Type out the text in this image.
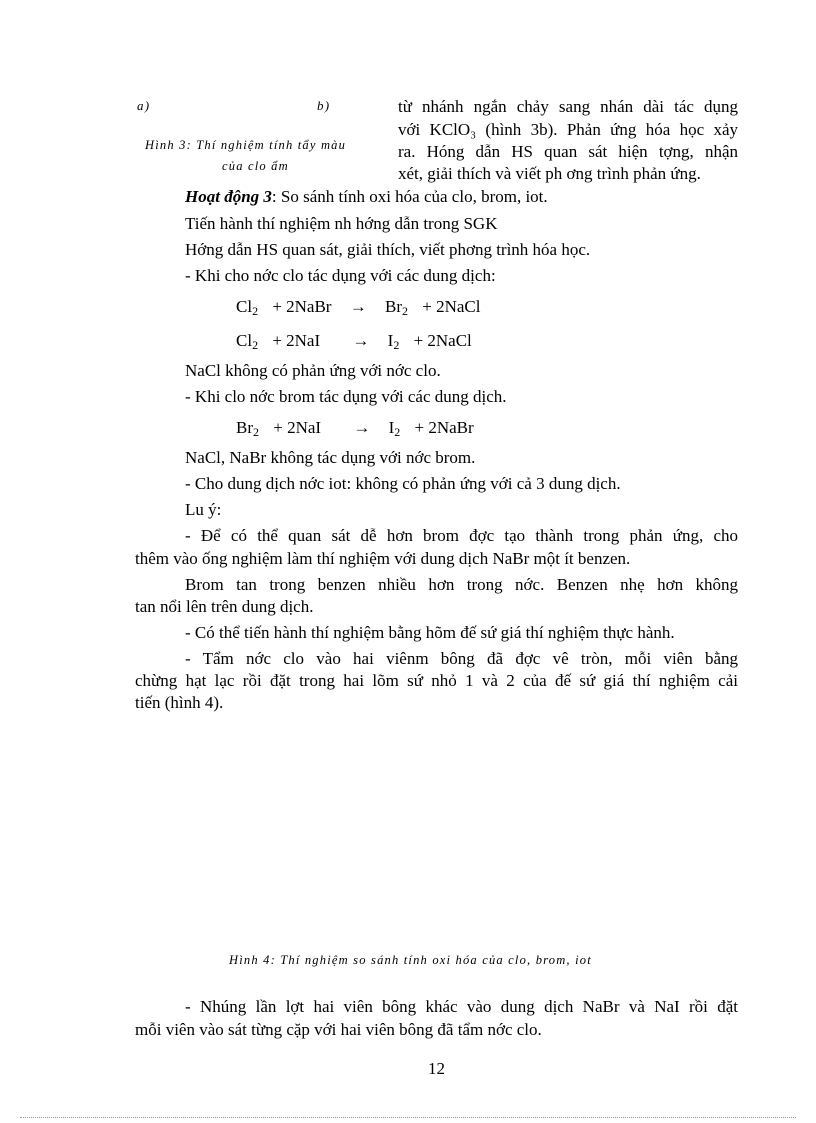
a)	b)
Hình 3: Thí nghiệm tính tẩy màu
của clo ẩm
từ nhánh ngắn chảy sang nhán dài tác dụng
với KClO₃ (hình 3b). Phản ứng hóa học xảy
ra. Hóng dẫn HS quan sát hiện tợng, nhận
xét, giải thích và viết ph ơng trình phản ứng.
Hoạt động 3: So sánh tính oxi hóa của clo, brom, iot.
Tiến hành thí nghiệm nh hớng dẫn trong SGK
Hớng dẫn HS quan sát, giải thích, viết phơng trình hóa học.
- Khi cho nớc clo tác dụng với các dung dịch:
$Cl_2$ + 2NaBr → $Br_2$ + 2NaCl
$Cl_2 + 2NaI \to I_2$ + 2NaCl
NaCl không có phản ứng với nớc clo.
- Khi clo nớc brom tác dụng với các dung dịch.
$Br_2 + 2NaI \to I_2$ + 2NaBr
NaCl, NaBr không tác dụng với nớc brom.
- Cho dung dịch nớc iot: không có phản ứng với cả 3 dung dịch.
Lu ý:
- Để có thể quan sát dễ hơn brom đợc tạo thành trong phản ứng, cho
thêm vào ống nghiệm làm thí nghiệm với dung dịch NaBr một ít benzen.
Brom tan trong benzen nhiều hơn trong nớc. Benzen nhẹ hơn không
tan nổi lên trên dung dịch.
- Có thể tiến hành thí nghiệm bằng hõm đế sứ giá thí nghiệm thực hành.
- Tẩm nớc clo vào hai viênm bông đã đợc vê tròn, mỗi viên bằng
chừng hạt lạc rồi đặt trong hai lõm sứ nhỏ 1 và 2 của đế sứ giá thí nghiệm cải
tiến (hình 4).
Hình 4: Thí nghiệm so sánh tính oxi hóa của clo, brom, iot
- Nhúng lần lợt hai viên bông khác vào dung dịch NaBr và NaI rồi đặt
mỗi viên vào sát từng cặp với hai viên bông đã tẩm nớc clo.
12
